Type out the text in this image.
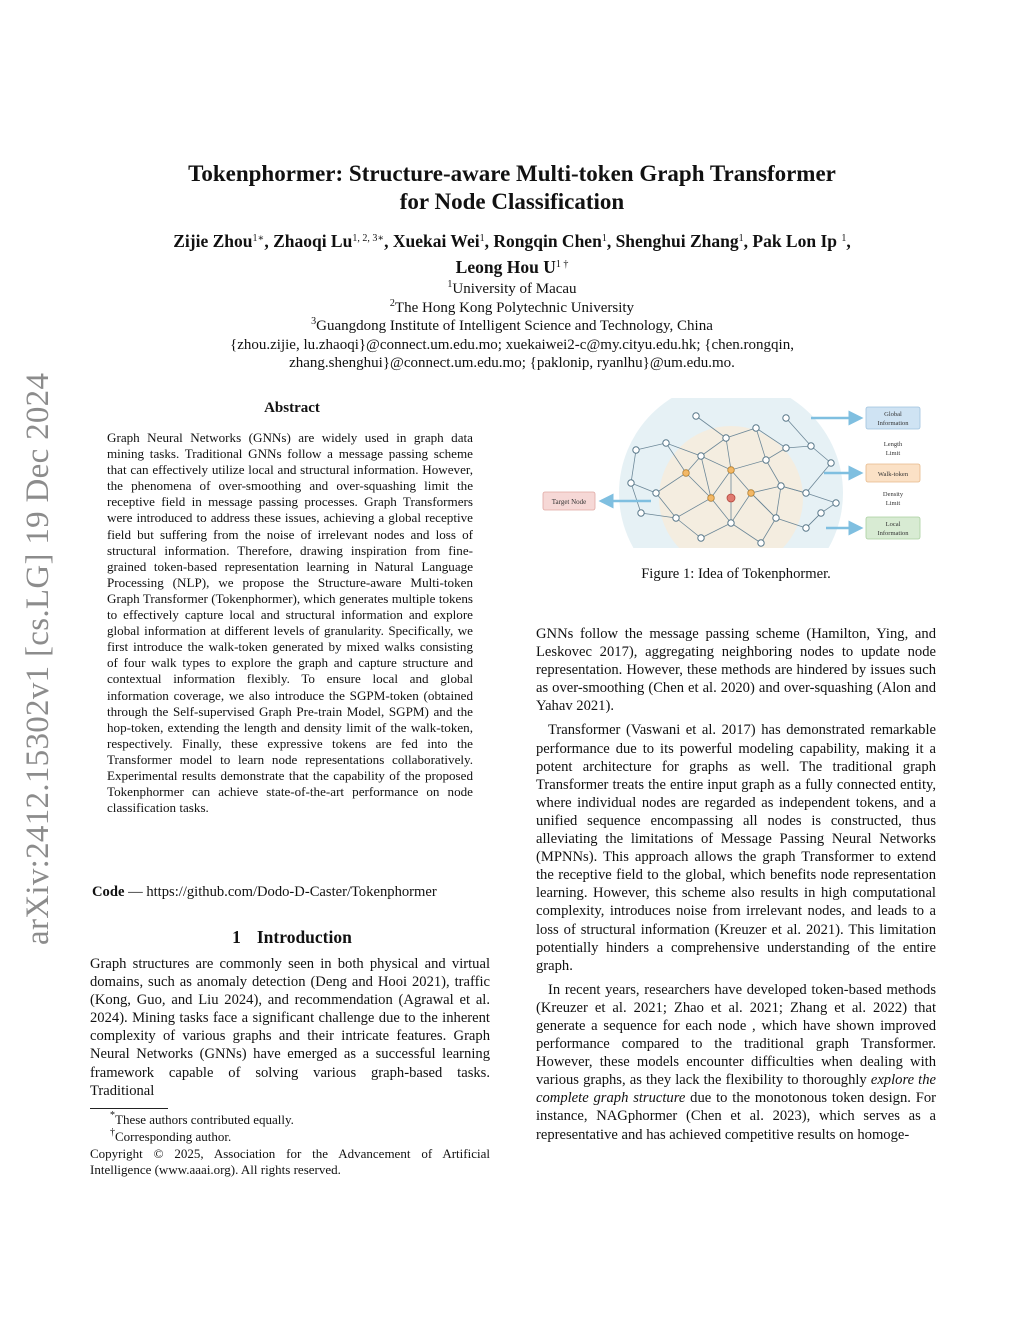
arXiv:2412.15302v1 [cs.LG] 19 Dec 2024
Tokenphormer: Structure-aware Multi-token Graph Transformer
for Node Classification
Zijie Zhou$^{1∗}$, Zhaoqi $Lu^{1, 2, 3∗}$, Xuekai Wei$^1$, Rongqin Chen$^1$, Shenghui Zhang$^1$, Pak Lon Ip $^1$,
Leong Hou $U^{1 \dagger}$
$^1$University of Macau
$^2$The Hong Kong Polytechnic University
$^3$Guangdong Institute of Intelligent Science and Technology, China
{zhou.zijie, lu.zhaoqi}@connect.um.edu.mo; xuekaiwei2-c@my.cityu.edu.hk; {chen.rongqin,
zhang.shenghui}@connect.um.edu.mo; {paklonip, ryanlhu}@um.edu.mo.
Abstract
Graph Neural Networks (GNNs) are widely used in graph data mining tasks. Traditional GNNs follow a message passing scheme that can effectively utilize local and structural information. However, the phenomena of over-smoothing and over-squashing limit the receptive field in message passing processes. Graph Transformers were introduced to address these issues, achieving a global receptive field but suffering from the noise of irrelevant nodes and loss of structural information. Therefore, drawing inspiration from fine-grained token-based representation learning in Natural Language Processing (NLP), we propose the Structure-aware Multi-token Graph Transformer (Tokenphormer), which generates multiple tokens to effectively capture local and structural information and explore global information at different levels of granularity. Specifically, we first introduce the walk-token generated by mixed walks consisting of four walk types to explore the graph and capture structure and contextual information flexibly. To ensure local and global information coverage, we also introduce the SGPM-token (obtained through the Self-supervised Graph Pre-train Model, SGPM) and the hop-token, extending the length and density limit of the walk-token, respectively. Finally, these expressive tokens are fed into the Transformer model to learn node representations collaboratively. Experimental results demonstrate that the capability of the proposed Tokenphormer can achieve state-of-the-art performance on node classification tasks.
Code — https://github.com/Dodo-D-Caster/Tokenphormer
1 Introduction

Graph structures are commonly seen in both physical and virtual domains, such as anomaly detection (Deng and Hooi 2021), traffic (Kong, Guo, and Liu 2024), and recommendation (Agrawal et al. 2024). Mining tasks face a significant challenge due to the inherent complexity of various graphs and their intricate features. Graph Neural Networks (GNNs) have emerged as a successful learning framework capable of solving various graph-based tasks. Traditional

*These authors contributed equally.
†Corresponding author.
Copyright © 2025, Association for the Advancement of Artificial Intelligence (www.aaai.org). All rights reserved.
Target Node
Global
Information
Length
Limit
Walk-token
Density
Limit
Local
Information
Figure 1: Idea of Tokenphormer.

GNNs follow the message passing scheme (Hamilton, Ying, and Leskovec 2017), aggregating neighboring nodes to update node representation. However, these methods are hindered by issues such as over-smoothing (Chen et al. 2020) and over-squashing (Alon and Yahav 2021).

Transformer (Vaswani et al. 2017) has demonstrated remarkable performance due to its powerful modeling capability, making it a potent architecture for graphs as well. The traditional graph Transformer treats the entire input graph as a fully connected entity, where individual nodes are regarded as independent tokens, and a unified sequence encompassing all nodes is constructed, thus alleviating the limitations of Message Passing Neural Networks (MPNNs). This approach allows the graph Transformer to extend the receptive field to the global, which benefits node representation learning. However, this scheme also results in high computational complexity, introduces noise from irrelevant nodes, and leads to a loss of structural information (Kreuzer et al. 2021). This limitation potentially hinders a comprehensive understanding of the entire graph.

In recent years, researchers have developed token-based methods (Kreuzer et al. 2021; Zhao et al. 2021; Zhang et al. 2022) that generate a sequence for each node , which have shown improved performance compared to the traditional graph Transformer. However, these models encounter difficulties when dealing with various graphs, as they lack the flexibility to thoroughly explore the complete graph structure due to the monotonous token design. For instance, NAGphormer (Chen et al. 2023), which serves as a representative and has achieved competitive results on homoge-
